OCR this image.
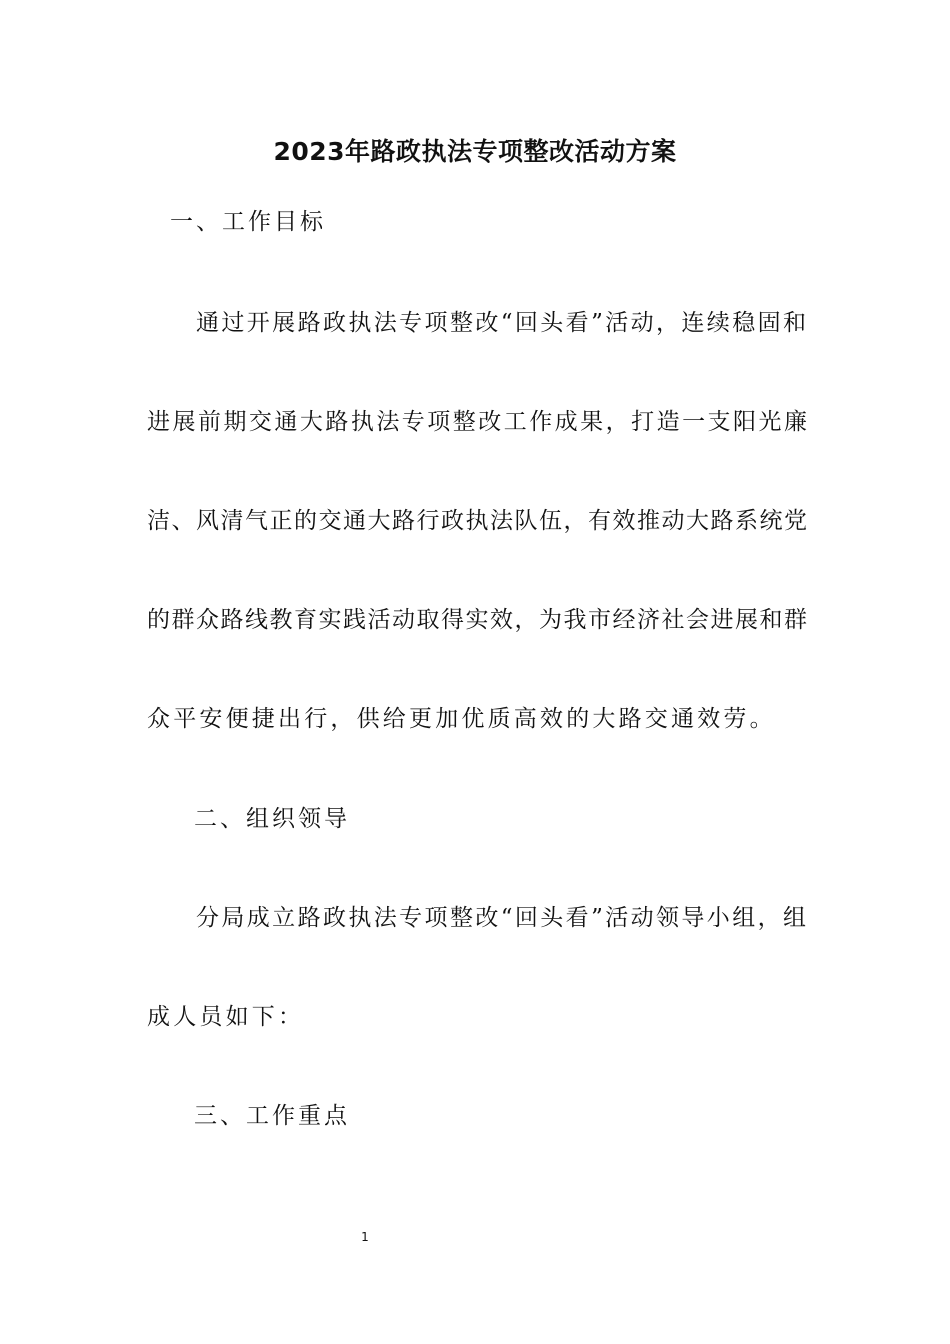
2023年路政执法专项整改活动方案
一、工作目标
通过开展路政执法专项整改“回头看”活动，连续稳固和
进展前期交通大路执法专项整改工作成果，打造一支阳光廉
洁、风清气正的交通大路行政执法队伍，有效推动大路系统党
的群众路线教育实践活动取得实效，为我市经济社会进展和群
众平安便捷出行，供给更加优质高效的大路交通效劳。
二、组织领导
分局成立路政执法专项整改“回头看”活动领导小组，组
成人员如下：
三、工作重点
1
